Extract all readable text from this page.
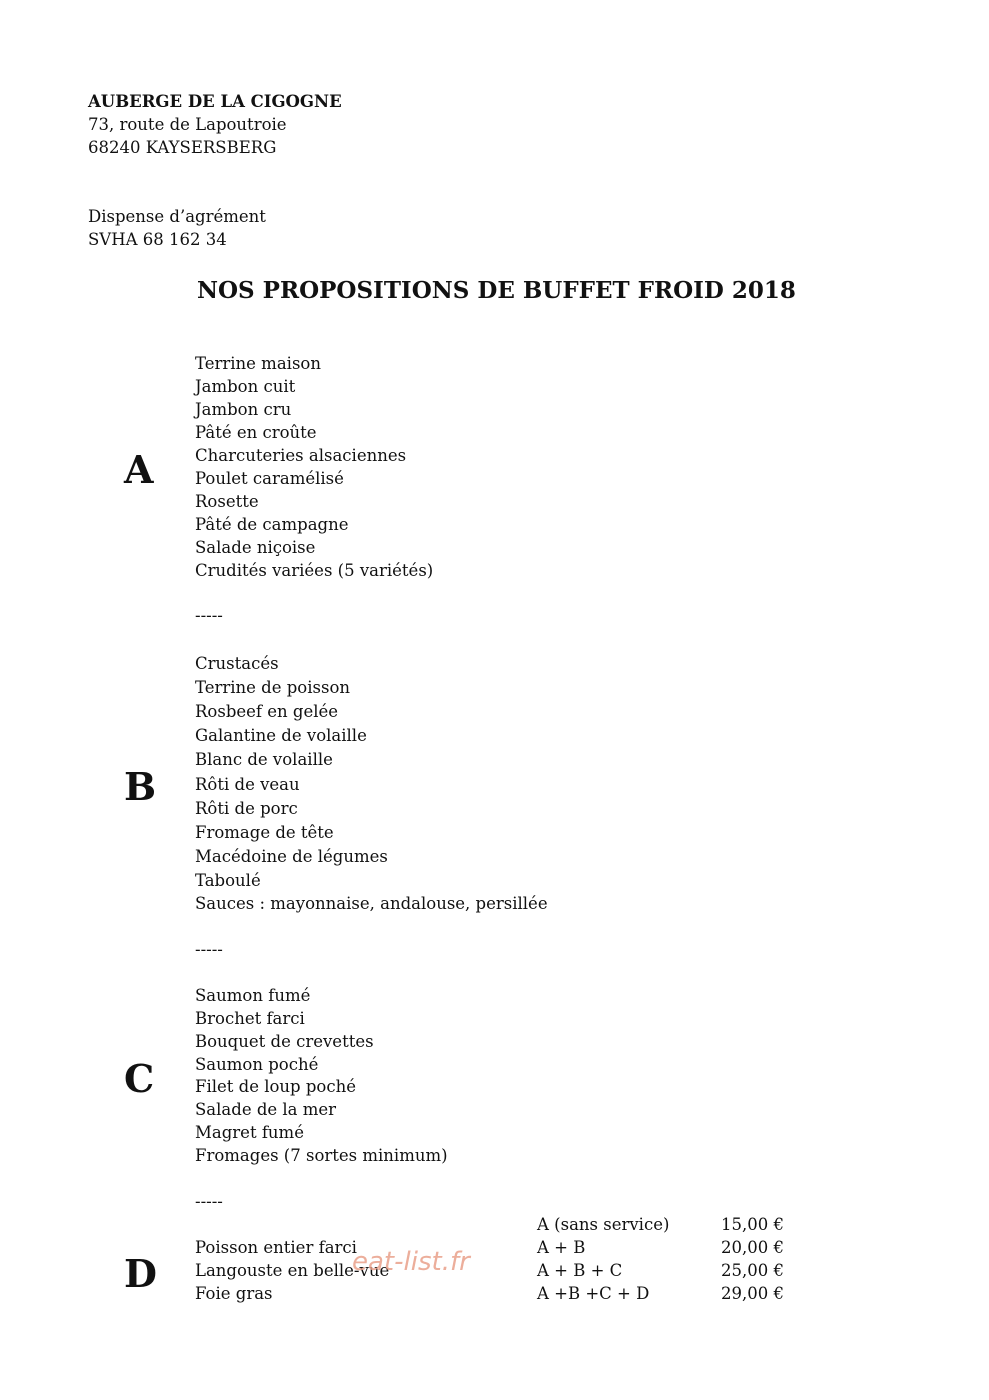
AUBERGE DE LA CIGOGNE
73, route de Lapoutroie
68240 KAYSERSBERG
Dispense d’agrément
SVHA 68 162 34
NOS PROPOSITIONS DE BUFFET FROID 2018
A
Terrine maison
Jambon cuit
Jambon cru
Pâté en croûte
Charcuteries alsaciennes
Poulet caramélisé
Rosette
Pâté de campagne
Salade niçoise
Crudités variées (5 variétés)
-----
B
Crustacés
Terrine de poisson
Rosbeef en gelée
Galantine de volaille
Blanc de volaille
Rôti de veau
Rôti de porc
Fromage de tête
Macédoine de légumes
Taboulé
Sauces : mayonnaise, andalouse, persillée
-----
C
Saumon fumé
Brochet farci
Bouquet de crevettes
Saumon poché
Filet de loup poché
Salade de la mer
Magret fumé
Fromages (7 sortes minimum)
-----
D
Poisson entier farci
Langouste en belle-vue
Foie gras
A (sans service)	15,00 €
A + B	20,00 €
A + B + C	25,00 €
A +B +C + D	29,00 €
eat-list.fr
